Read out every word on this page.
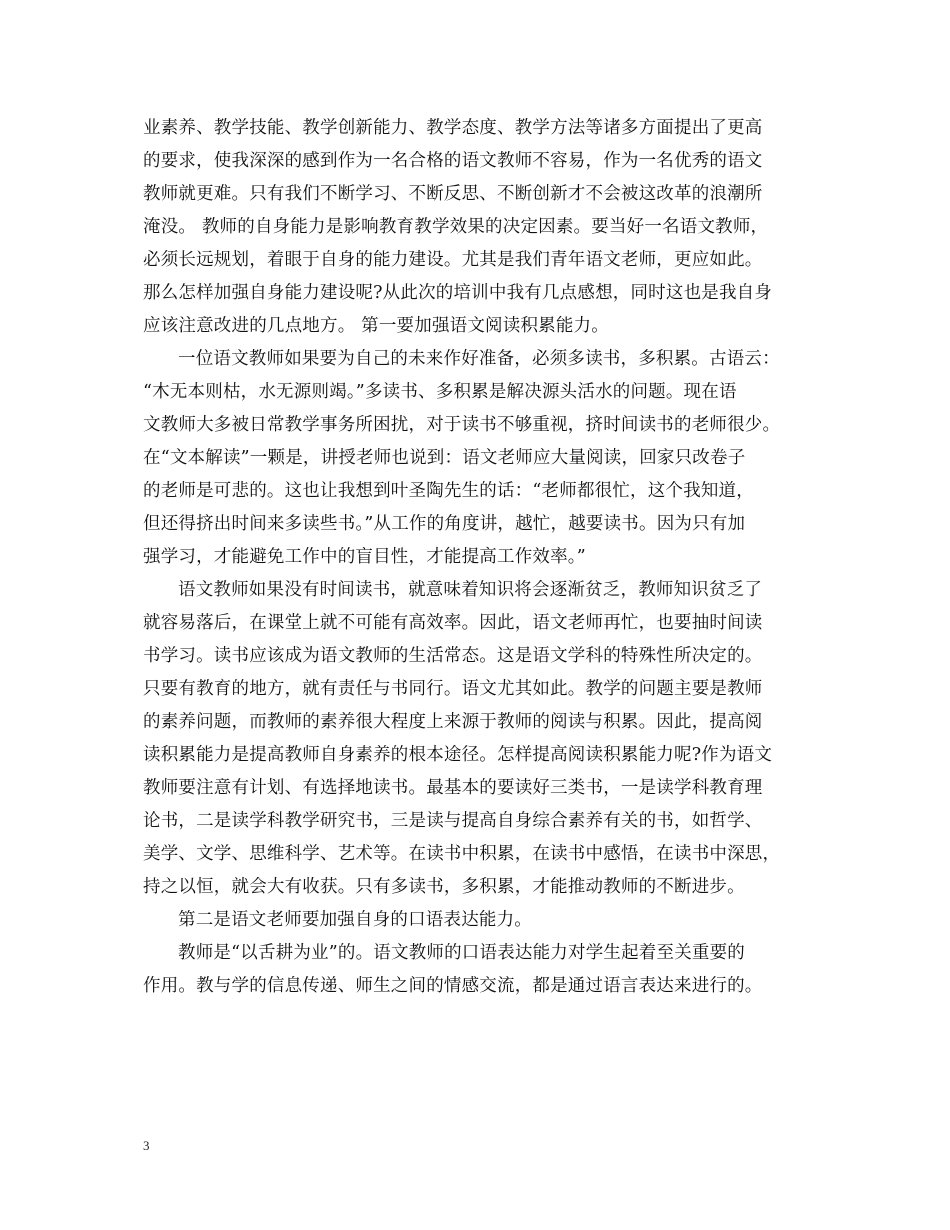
业素养、教学技能、教学创新能力、教学态度、教学方法等诸多方面提出了更高
的要求，使我深深的感到作为一名合格的语文教师不容易，作为一名优秀的语文
教师就更难。只有我们不断学习、不断反思、不断创新才不会被这改革的浪潮所
淹没。 教师的自身能力是影响教育教学效果的决定因素。要当好一名语文教师，
必须长远规划，着眼于自身的能力建设。尤其是我们青年语文老师，更应如此。
那么怎样加强自身能力建设呢?从此次的培训中我有几点感想，同时这也是我自身
应该注意改进的几点地方。 第一要加强语文阅读积累能力。
一位语文教师如果要为自己的未来作好准备，必须多读书，多积累。古语云：
“木无本则枯，水无源则竭。”多读书、多积累是解决源头活水的问题。现在语
文教师大多被日常教学事务所困扰，对于读书不够重视，挤时间读书的老师很少。
在“文本解读”一颗是，讲授老师也说到：语文老师应大量阅读，回家只改卷子
的老师是可悲的。这也让我想到叶圣陶先生的话：“老师都很忙，这个我知道，
但还得挤出时间来多读些书。”从工作的角度讲，越忙，越要读书。因为只有加
强学习，才能避免工作中的盲目性，才能提高工作效率。”
语文教师如果没有时间读书，就意味着知识将会逐渐贫乏，教师知识贫乏了
就容易落后，在课堂上就不可能有高效率。因此，语文老师再忙，也要抽时间读
书学习。读书应该成为语文教师的生活常态。这是语文学科的特殊性所决定的。
只要有教育的地方，就有责任与书同行。语文尤其如此。教学的问题主要是教师
的素养问题，而教师的素养很大程度上来源于教师的阅读与积累。因此，提高阅
读积累能力是提高教师自身素养的根本途径。怎样提高阅读积累能力呢?作为语文
教师要注意有计划、有选择地读书。最基本的要读好三类书，一是读学科教育理
论书，二是读学科教学研究书，三是读与提高自身综合素养有关的书，如哲学、
美学、文学、思维科学、艺术等。在读书中积累，在读书中感悟，在读书中深思，
持之以恒，就会大有收获。只有多读书，多积累，才能推动教师的不断进步。
第二是语文老师要加强自身的口语表达能力。
教师是“以舌耕为业”的。语文教师的口语表达能力对学生起着至关重要的
作用。教与学的信息传递、师生之间的情感交流，都是通过语言表达来进行的。
3
